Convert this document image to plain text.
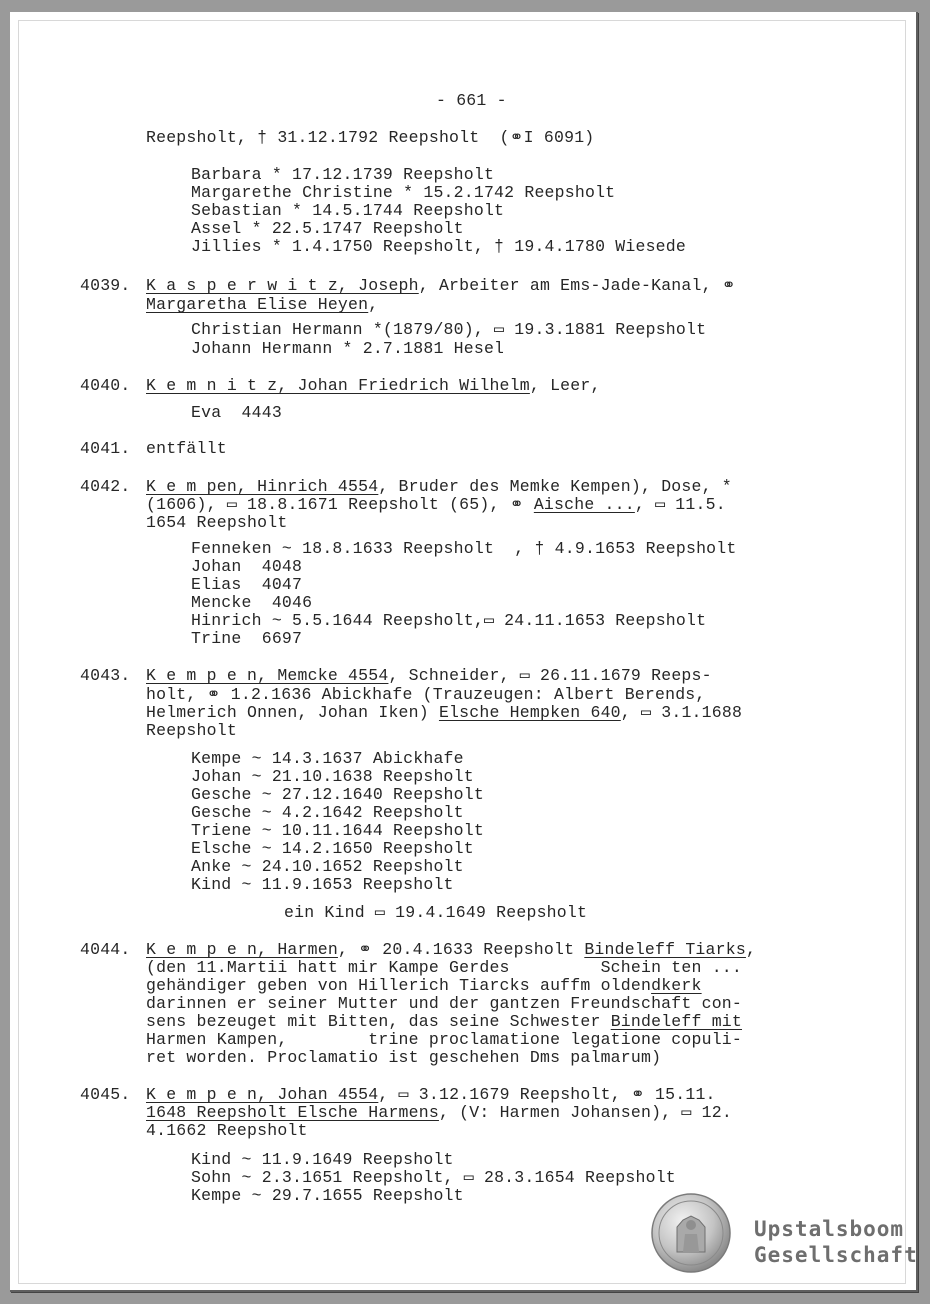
- 661 -
Reepsholt, † 31.12.1792 Reepsholt  (⚭I 6091)
Barbara * 17.12.1739 Reepsholt
Margarethe Christine * 15.2.1742 Reepsholt
Sebastian * 14.5.1744 Reepsholt
Assel * 22.5.1747 Reepsholt
Jillies * 1.4.1750 Reepsholt, † 19.4.1780 Wiesede
4039. K a s p e r w i t z, Joseph, Arbeiter am Ems-Jade-Kanal, ⚭
Margaretha Elise Heyen,
Christian Hermann *(1879/80), ▭ 19.3.1881 Reepsholt
Johann Hermann * 2.7.1881 Hesel
4040. K e m n i t z, Johan Friedrich Wilhelm, Leer,
Eva  4443
4041. entfällt
4042. K e m pen, Hinrich 4554, Bruder des Memke Kempen), Dose, *
(1606), ▭ 18.8.1671 Reepsholt (65), ⚭ Aische ..., ▭ 11.5.
1654 Reepsholt
Fenneken ~ 18.8.1633 Reepsholt  , † 4.9.1653 Reepsholt
Johan  4048
Elias  4047
Mencke  4046
Hinrich ~ 5.5.1644 Reepsholt,▭ 24.11.1653 Reepsholt
Trine  6697
4043. K e m p e n, Memcke 4554, Schneider, ▭ 26.11.1679 Reeps-
holt, ⚭ 1.2.1636 Abickhafe (Trauzeugen: Albert Berends,
Helmerich Onnen, Johan Iken) Elsche Hempken 640, ▭ 3.1.1688
Reepsholt
Kempe ~ 14.3.1637 Abickhafe
Johan ~ 21.10.1638 Reepsholt
Gesche ~ 27.12.1640 Reepsholt
Gesche ~ 4.2.1642 Reepsholt
Triene ~ 10.11.1644 Reepsholt
Elsche ~ 14.2.1650 Reepsholt
Anke ~ 24.10.1652 Reepsholt
Kind ~ 11.9.1653 Reepsholt
ein Kind ▭ 19.4.1649 Reepsholt
4044. K e m p e n, Harmen, ⚭ 20.4.1633 Reepsholt Bindeleff Tiarks,
(den 11.Martii hatt mir Kampe Gerdes         Schein ten ...
gehändiger geben von Hillerich Tiarcks auffm oldendkerk
darinnen er seiner Mutter und der gantzen Freundschaft con-
sens bezeuget mit Bitten, das seine Schwester Bindeleff mit
Harmen Kampen,        trine proclamatione legatione copuli-
ret worden. Proclamatio ist geschehen Dms palmarum)
4045. K e m p e n, Johan 4554, ▭ 3.12.1679 Reepsholt, ⚭ 15.11.
1648 Reepsholt Elsche Harmens, (V: Harmen Johansen), ▭ 12.
4.1662 Reepsholt
Kind ~ 11.9.1649 Reepsholt
Sohn ~ 2.3.1651 Reepsholt, ▭ 28.3.1654 Reepsholt
Kempe ~ 29.7.1655 Reepsholt
Upstalsboom
Gesellschaft
